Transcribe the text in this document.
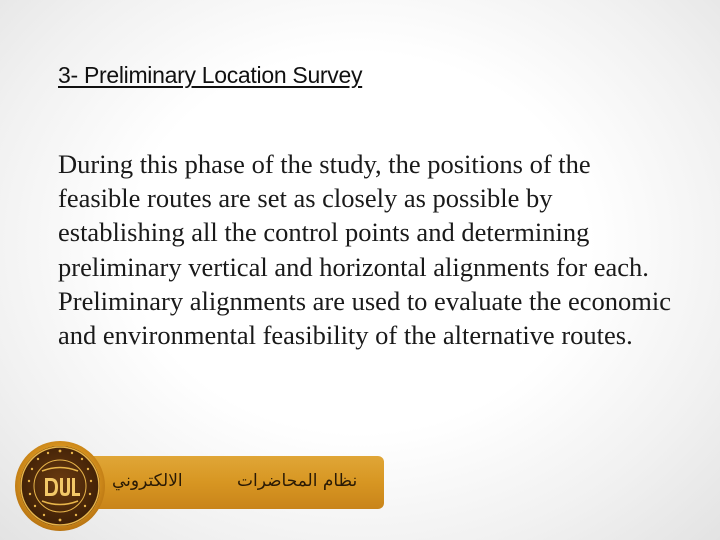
3- Preliminary Location Survey
During this phase of the study, the positions of the feasible routes are set as closely as possible by establishing all the control points and determining preliminary vertical and horizontal alignments for each. Preliminary alignments are used to evaluate the economic and environmental feasibility of the alternative routes.
نظام المحاضرات
الالكتروني
